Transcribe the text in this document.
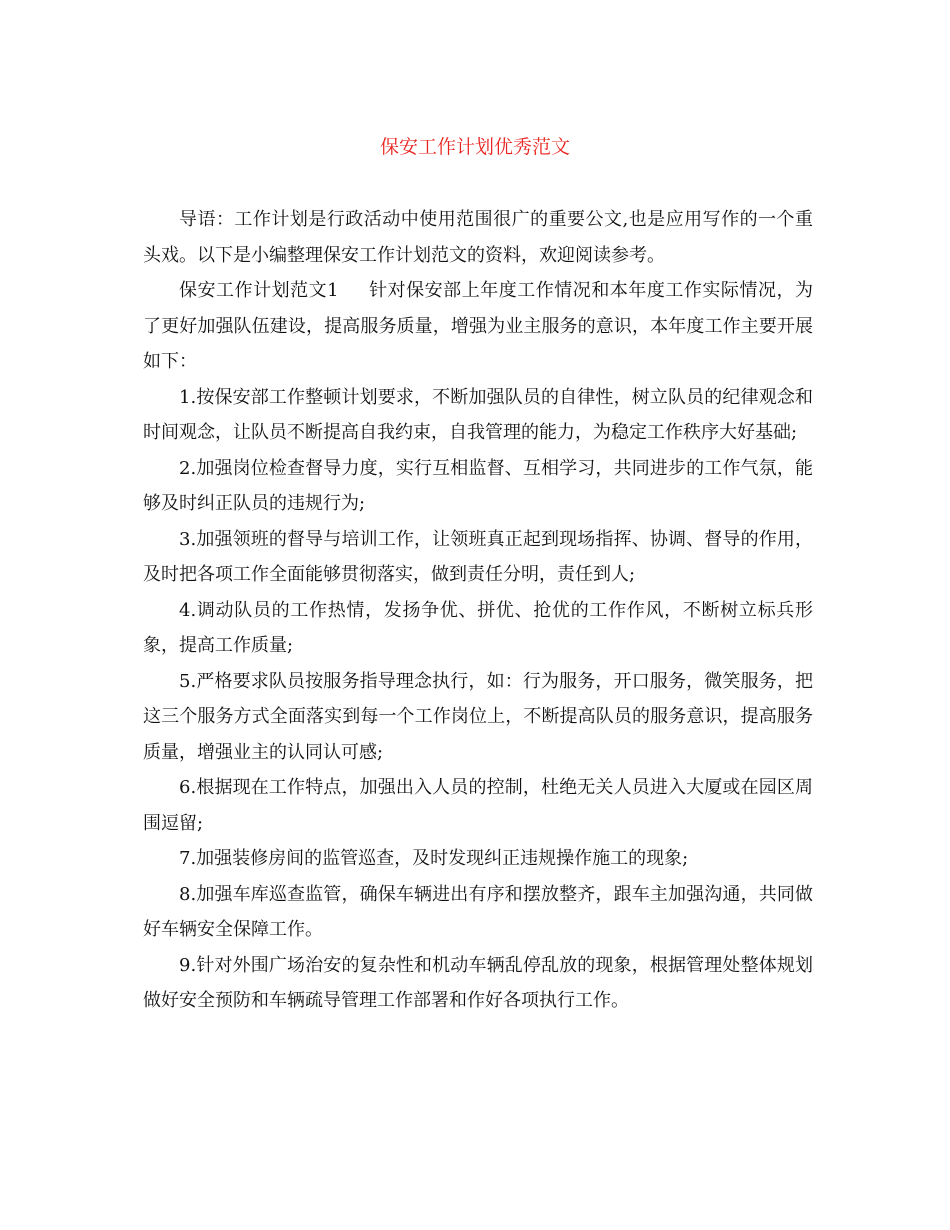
保安工作计划优秀范文

导语：工作计划是行政活动中使用范围很广的重要公文,也是应用写作的一个重头戏。以下是小编整理保安工作计划范文的资料，欢迎阅读参考。

保安工作计划范文1 针对保安部上年度工作情况和本年度工作实际情况，为了更好加强队伍建设，提高服务质量，增强为业主服务的意识，本年度工作主要开展如下：

1.按保安部工作整顿计划要求，不断加强队员的自律性，树立队员的纪律观念和时间观念，让队员不断提高自我约束，自我管理的能力，为稳定工作秩序大好基础;

2.加强岗位检查督导力度，实行互相监督、互相学习，共同进步的工作气氛，能够及时纠正队员的违规行为;

3.加强领班的督导与培训工作，让领班真正起到现场指挥、协调、督导的作用，及时把各项工作全面能够贯彻落实，做到责任分明，责任到人;

4.调动队员的工作热情，发扬争优、拼优、抢优的工作作风，不断树立标兵形象，提高工作质量;

5.严格要求队员按服务指导理念执行，如：行为服务，开口服务，微笑服务，把这三个服务方式全面落实到每一个工作岗位上，不断提高队员的服务意识，提高服务质量，增强业主的认同认可感;

6.根据现在工作特点，加强出入人员的控制，杜绝无关人员进入大厦或在园区周围逗留;

7.加强装修房间的监管巡查，及时发现纠正违规操作施工的现象;

8.加强车库巡查监管，确保车辆进出有序和摆放整齐，跟车主加强沟通，共同做好车辆安全保障工作。

9.针对外围广场治安的复杂性和机动车辆乱停乱放的现象，根据管理处整体规划做好安全预防和车辆疏导管理工作部署和作好各项执行工作。
